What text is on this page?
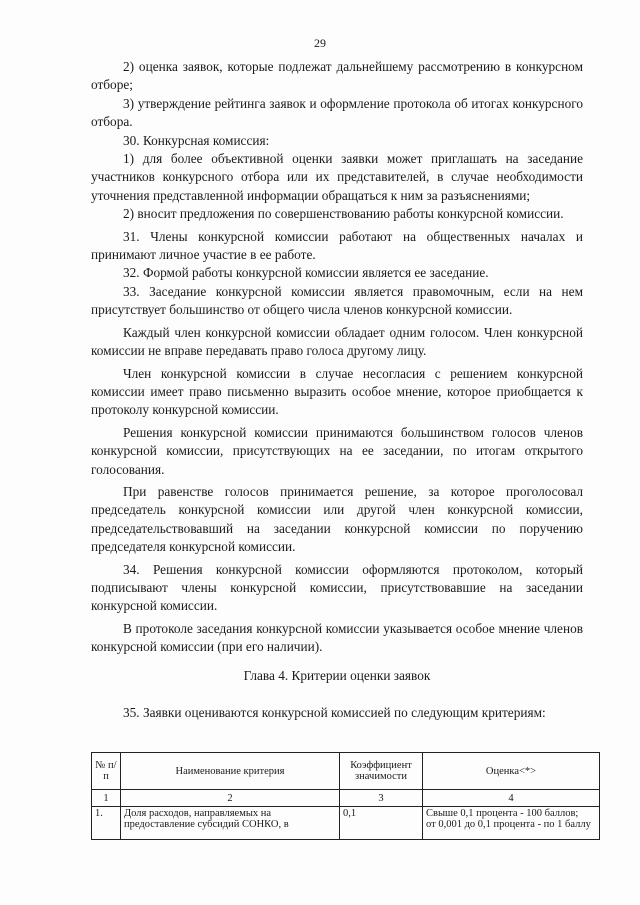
29

2) оценка заявок, которые подлежат дальнейшему рассмотрению в конкурсном отборе;

3) утверждение рейтинга заявок и оформление протокола об итогах конкурсного отбора.

30. Конкурсная комиссия:

1) для более объективной оценки заявки может приглашать на заседание участников конкурсного отбора или их представителей, в случае необходимости уточнения представленной информации обращаться к ним за разъяснениями;

2) вносит предложения по совершенствованию работы конкурсной комиссии.

31. Члены конкурсной комиссии работают на общественных началах и принимают личное участие в ее работе.

32. Формой работы конкурсной комиссии является ее заседание.

33. Заседание конкурсной комиссии является правомочным, если на нем присутствует большинство от общего числа членов конкурсной комиссии.

Каждый член конкурсной комиссии обладает одним голосом. Член конкурсной комиссии не вправе передавать право голоса другому лицу.

Член конкурсной комиссии в случае несогласия с решением конкурсной комиссии имеет право письменно выразить особое мнение, которое приобщается к протоколу конкурсной комиссии.

Решения конкурсной комиссии принимаются большинством голосов членов конкурсной комиссии, присутствующих на ее заседании, по итогам открытого голосования.

При равенстве голосов принимается решение, за которое проголосовал председатель конкурсной комиссии или другой член конкурсной комиссии, председательствовавший на заседании конкурсной комиссии по поручению председателя конкурсной комиссии.

34. Решения конкурсной комиссии оформляются протоколом, который подписывают члены конкурсной комиссии, присутствовавшие на заседании конкурсной комиссии.

В протоколе заседания конкурсной комиссии указывается особое мнение членов конкурсной комиссии (при его наличии).

Глава 4. Критерии оценки заявок
35. Заявки оцениваются конкурсной комиссией по следующим критериям:
№ п/п	Наименование критерия	Коэффициент значимости	Оценка<*>
1	2	3	4
1.	Доля расходов, направляемых на предоставление субсидий СОНКО, в	0,1	Свыше 0,1 процента - 100 баллов;
от 0,001 до 0,1 процента - по 1 баллу
